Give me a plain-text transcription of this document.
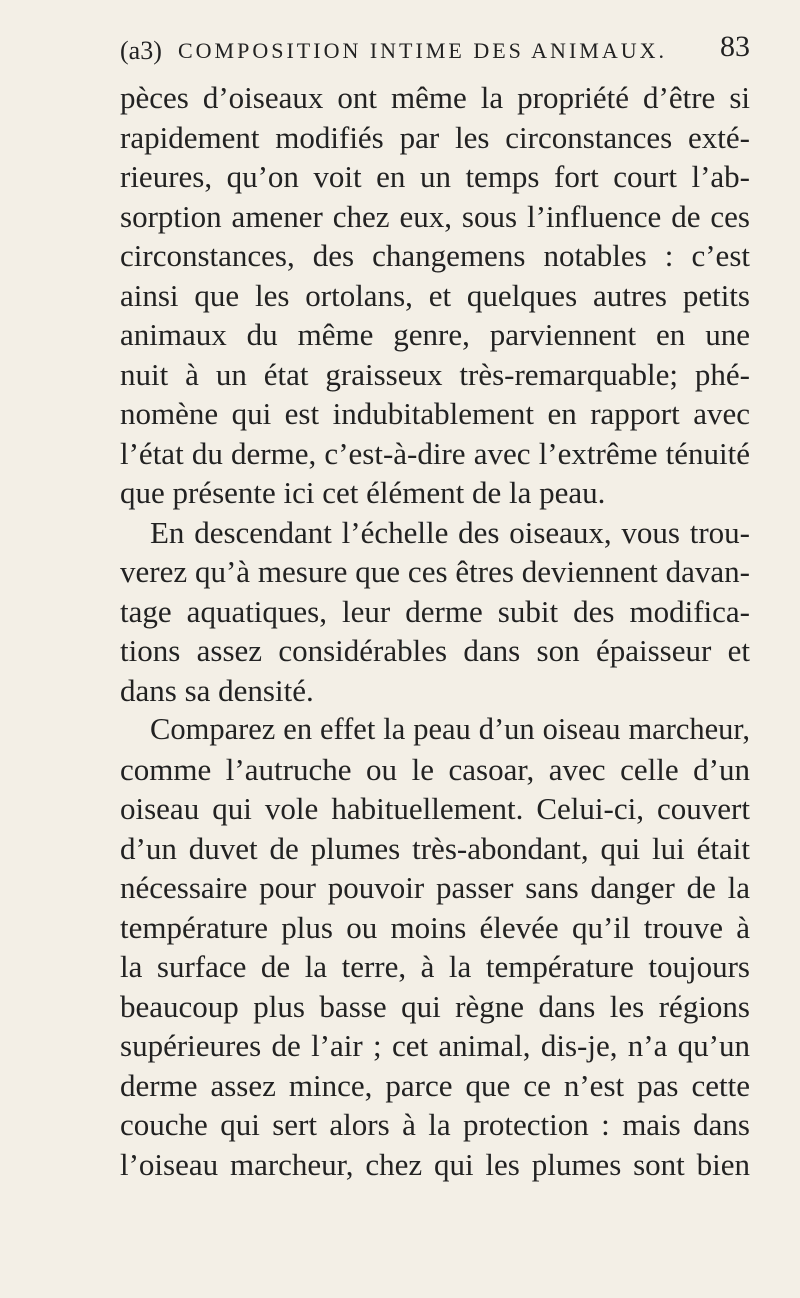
(a3) COMPOSITION INTIME DES ANIMAUX. 83
pèces d’oiseaux ont même la propriété d’être si
rapidement modifiés par les circonstances exté-
rieures, qu’on voit en un temps fort court l’ab-
sorption amener chez eux, sous l’influence de ces
circonstances, des changemens notables : c’est
ainsi que les ortolans, et quelques autres petits
animaux du même genre, parviennent en une
nuit à un état graisseux très-remarquable; phé-
nomène qui est indubitablement en rapport avec
l’état du derme, c’est-à-dire avec l’extrême ténuité
que présente ici cet élément de la peau.
En descendant l’échelle des oiseaux, vous trou-
verez qu’à mesure que ces êtres deviennent davan-
tage aquatiques, leur derme subit des modifica-
tions assez considérables dans son épaisseur et
dans sa densité.
Comparez en effet la peau d’un oiseau marcheur,
comme l’autruche ou le casoar, avec celle d’un
oiseau qui vole habituellement. Celui-ci, couvert
d’un duvet de plumes très-abondant, qui lui était
nécessaire pour pouvoir passer sans danger de la
température plus ou moins élevée qu’il trouve à
la surface de la terre, à la température toujours
beaucoup plus basse qui règne dans les régions
supérieures de l’air ; cet animal, dis-je, n’a qu’un
derme assez mince, parce que ce n’est pas cette
couche qui sert alors à la protection : mais dans
l’oiseau marcheur, chez qui les plumes sont bien
